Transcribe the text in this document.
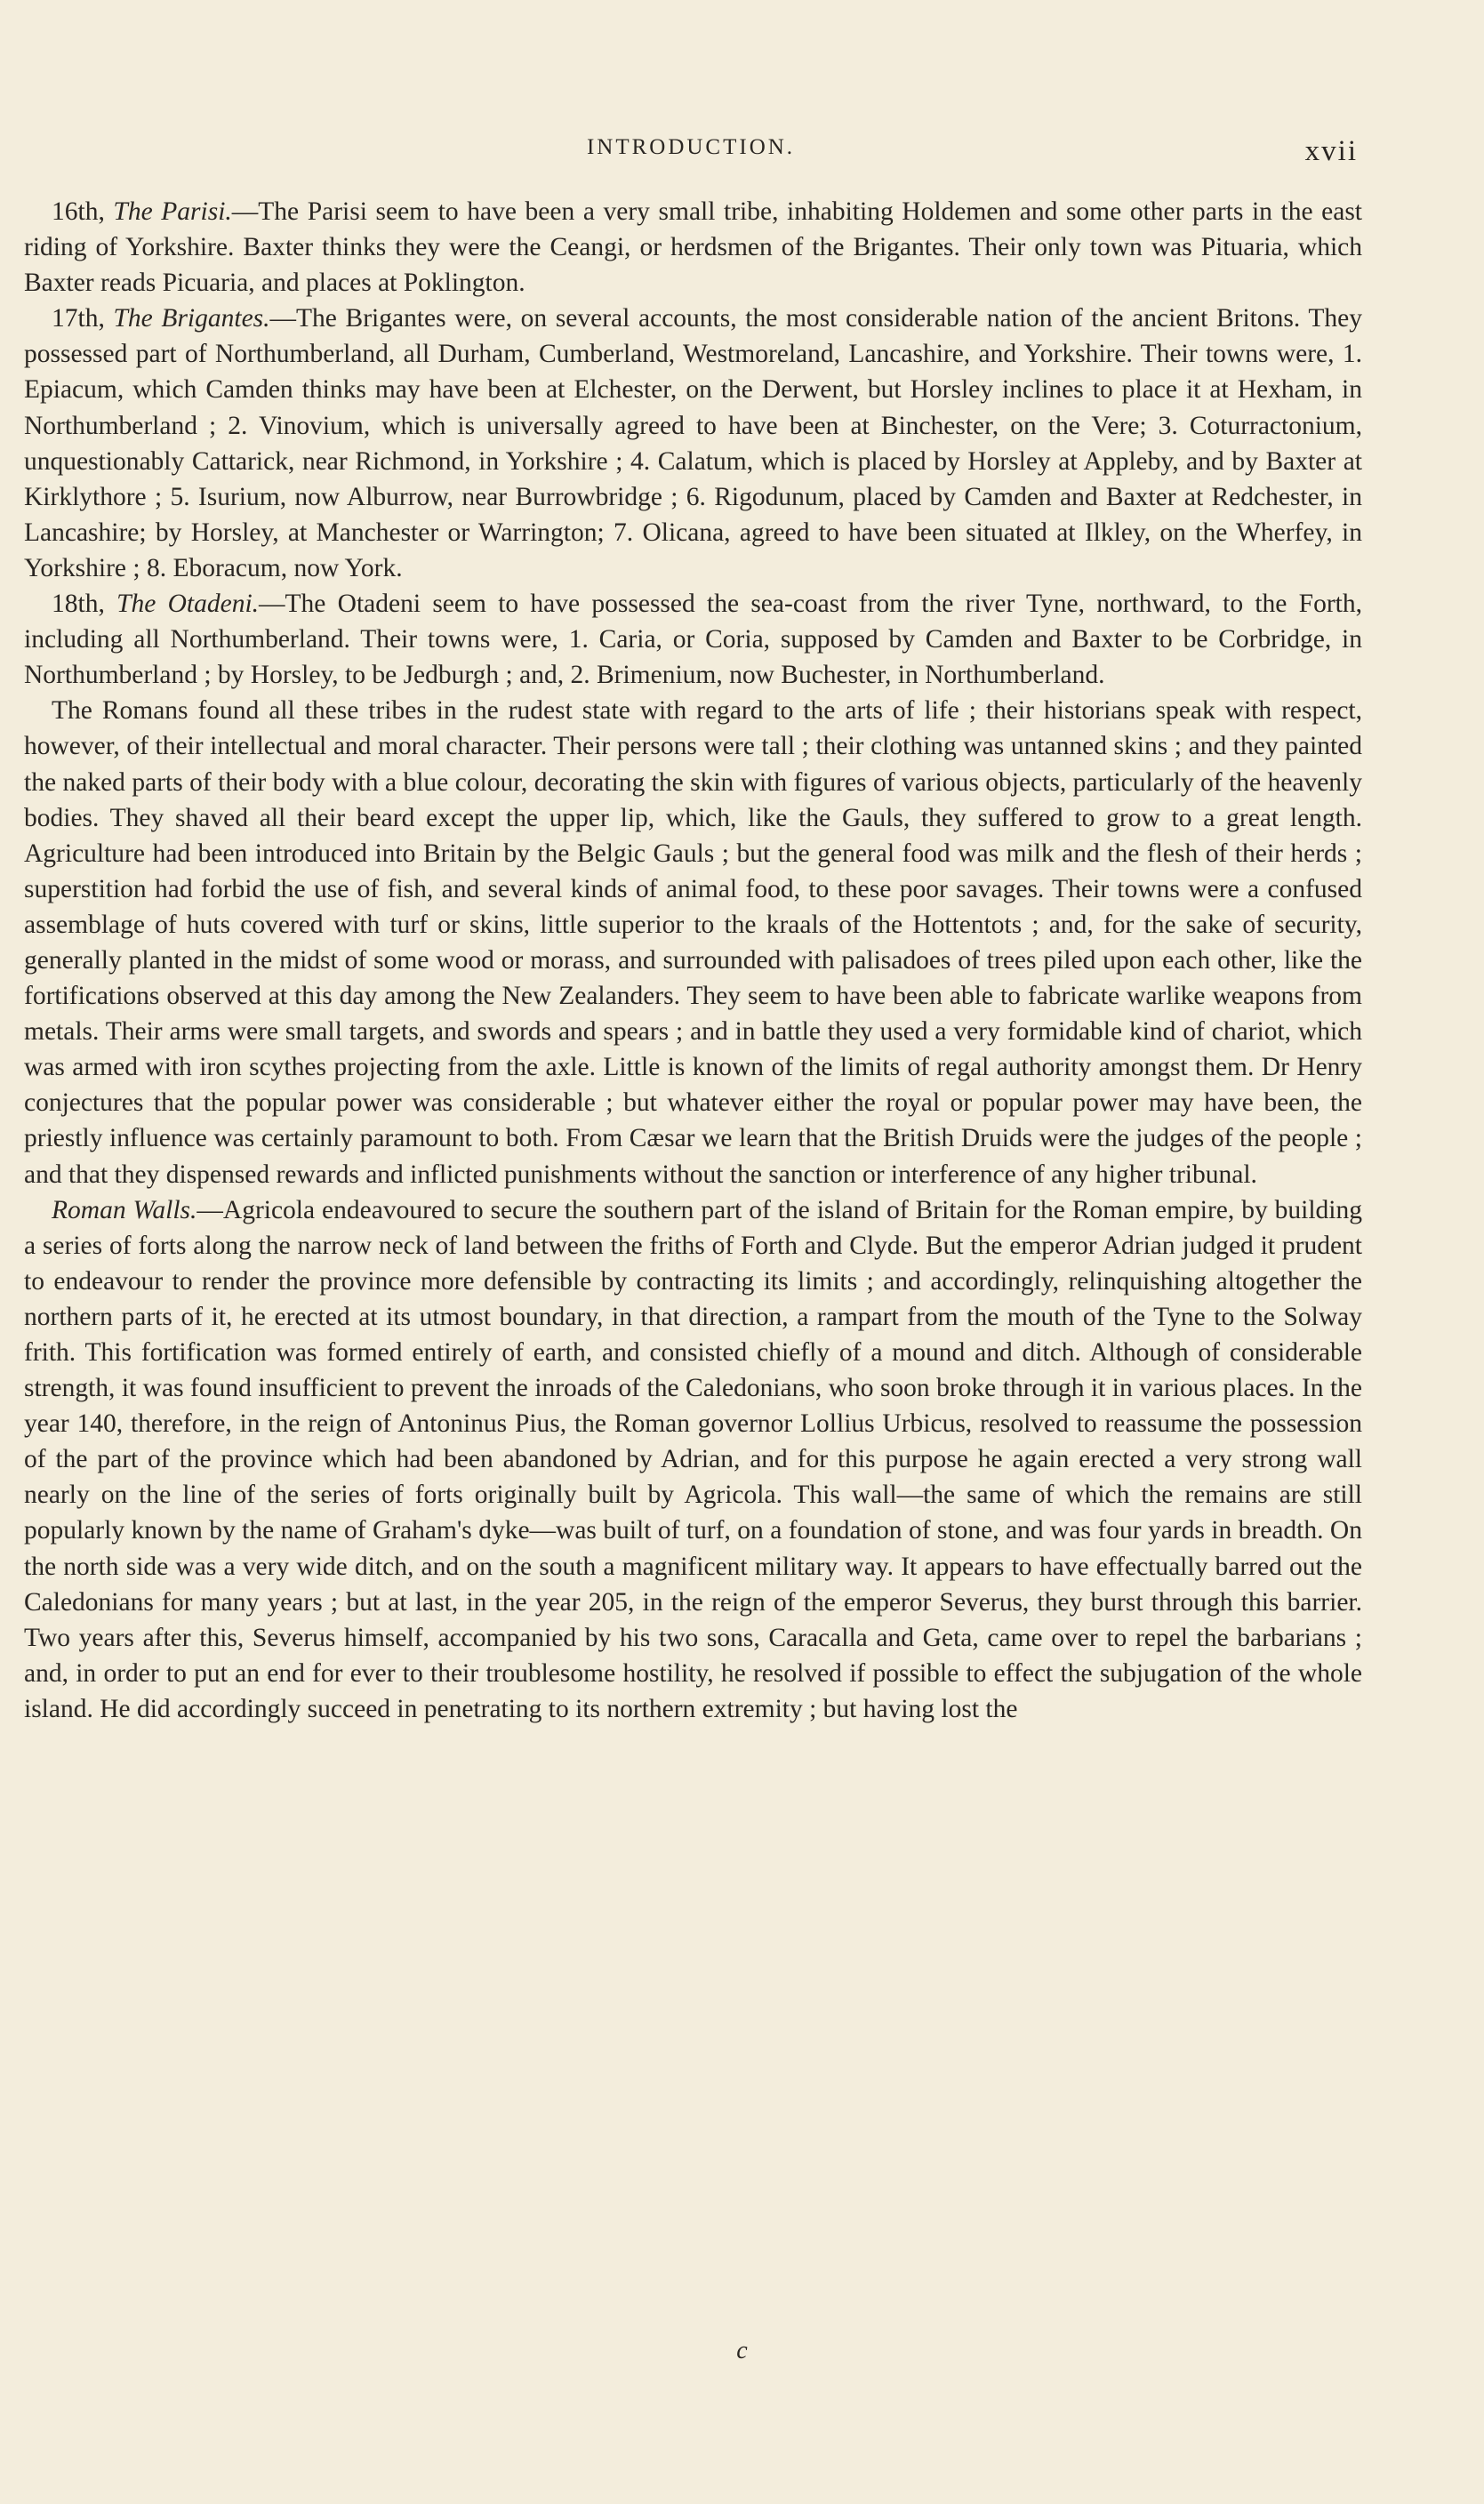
INTRODUCTION.	xvii

16th, The Parisi.—The Parisi seem to have been a very small tribe, inhabiting Holdemen and some other parts in the east riding of Yorkshire. Baxter thinks they were the Ceangi, or herdsmen of the Brigantes. Their only town was Pituaria, which Baxter reads Picuaria, and places at Poklington.

17th, The Brigantes.—The Brigantes were, on several accounts, the most considerable nation of the ancient Britons. They possessed part of Northumberland, all Durham, Cumberland, Westmoreland, Lancashire, and Yorkshire. Their towns were, 1. Epiacum, which Camden thinks may have been at Elchester, on the Derwent, but Horsley inclines to place it at Hexham, in Northumberland ; 2. Vinovium, which is universally agreed to have been at Binchester, on the Vere; 3. Coturractonium, unquestionably Cattarick, near Richmond, in Yorkshire ; 4. Calatum, which is placed by Horsley at Appleby, and by Baxter at Kirklythore ; 5. Isurium, now Alburrow, near Burrowbridge ; 6. Rigodunum, placed by Camden and Baxter at Redchester, in Lancashire; by Horsley, at Manchester or Warrington; 7. Olicana, agreed to have been situated at Ilkley, on the Wherfey, in Yorkshire ; 8. Eboracum, now York.

18th, The Otadeni.—The Otadeni seem to have possessed the sea-coast from the river Tyne, northward, to the Forth, including all Northumberland. Their towns were, 1. Caria, or Coria, supposed by Camden and Baxter to be Corbridge, in Northumberland ; by Horsley, to be Jedburgh ; and, 2. Brimenium, now Buchester, in Northumberland.

The Romans found all these tribes in the rudest state with regard to the arts of life ; their historians speak with respect, however, of their intellectual and moral character. Their persons were tall ; their clothing was untanned skins ; and they painted the naked parts of their body with a blue colour, decorating the skin with figures of various objects, particularly of the heavenly bodies. They shaved all their beard except the upper lip, which, like the Gauls, they suffered to grow to a great length. Agriculture had been introduced into Britain by the Belgic Gauls ; but the general food was milk and the flesh of their herds ; superstition had forbid the use of fish, and several kinds of animal food, to these poor savages. Their towns were a confused assemblage of huts covered with turf or skins, little superior to the kraals of the Hottentots ; and, for the sake of security, generally planted in the midst of some wood or morass, and surrounded with palisadoes of trees piled upon each other, like the fortifications observed at this day among the New Zealanders. They seem to have been able to fabricate warlike weapons from metals. Their arms were small targets, and swords and spears ; and in battle they used a very formidable kind of chariot, which was armed with iron scythes projecting from the axle. Little is known of the limits of regal authority amongst them. Dr Henry conjectures that the popular power was considerable ; but whatever either the royal or popular power may have been, the priestly influence was certainly paramount to both. From Cæsar we learn that the British Druids were the judges of the people ; and that they dispensed rewards and inflicted punishments without the sanction or interference of any higher tribunal.

Roman Walls.—Agricola endeavoured to secure the southern part of the island of Britain for the Roman empire, by building a series of forts along the narrow neck of land between the friths of Forth and Clyde. But the emperor Adrian judged it prudent to endeavour to render the province more defensible by contracting its limits ; and accordingly, relinquishing altogether the northern parts of it, he erected at its utmost boundary, in that direction, a rampart from the mouth of the Tyne to the Solway frith. This fortification was formed entirely of earth, and consisted chiefly of a mound and ditch. Although of considerable strength, it was found insufficient to prevent the inroads of the Caledonians, who soon broke through it in various places. In the year 140, therefore, in the reign of Antoninus Pius, the Roman governor Lollius Urbicus, resolved to reassume the possession of the part of the province which had been abandoned by Adrian, and for this purpose he again erected a very strong wall nearly on the line of the series of forts originally built by Agricola. This wall—the same of which the remains are still popularly known by the name of Graham's dyke—was built of turf, on a foundation of stone, and was four yards in breadth. On the north side was a very wide ditch, and on the south a magnificent military way. It appears to have effectually barred out the Caledonians for many years ; but at last, in the year 205, in the reign of the emperor Severus, they burst through this barrier. Two years after this, Severus himself, accompanied by his two sons, Caracalla and Geta, came over to repel the barbarians ; and, in order to put an end for ever to their troublesome hostility, he resolved if possible to effect the subjugation of the whole island. He did accordingly succeed in penetrating to its northern extremity ; but having lost the

c
